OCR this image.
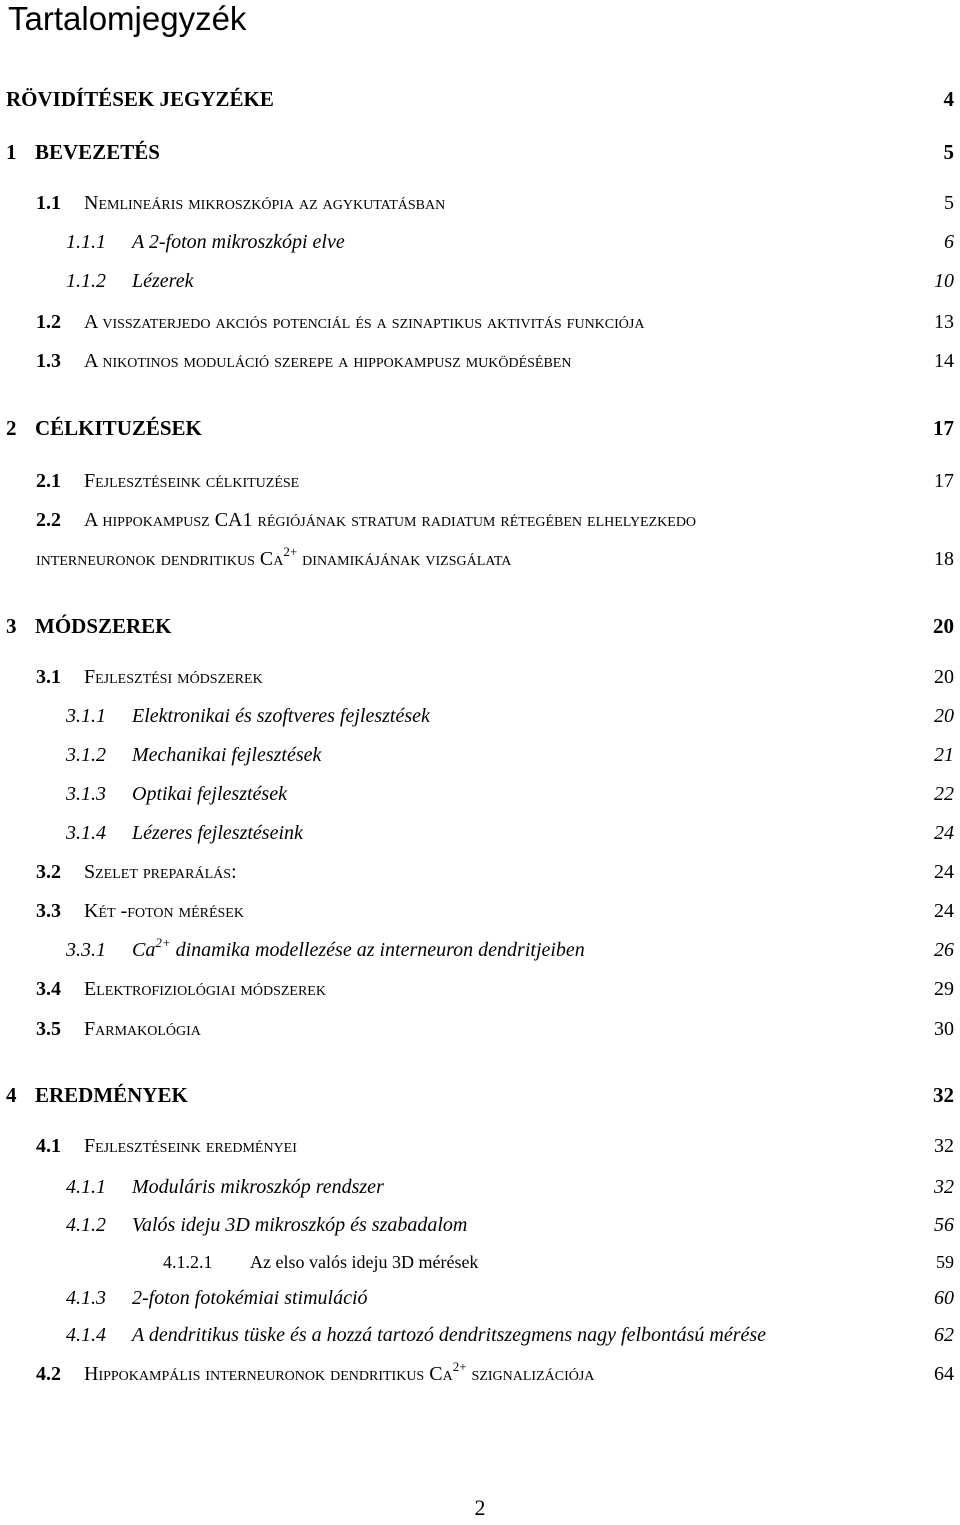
Tartalomjegyzék
RÖVIDÍTÉSEK JEGYZÉKE	4
1 BEVEZETÉS	5
1.1 Nemlineáris mikroszkópia az agykutatásban	5
1.1.1 A 2-foton mikroszkópi elve	6
1.1.2 Lézerek	10
1.2 A visszaterjedo akciós potenciál és a szinaptikus aktivitás funkciója	13
1.3 A nikotinos moduláció szerepe a hippokampusz muködésében	14
2 CÉLKITUZÉSEK	17
2.1 Fejlesztéseink célkituzése	17
2.2 A hippokampusz CA1 régiójának stratum radiatum rétegében elhelyezkedo
interneuronok dendritikus $Ca^{2+}$ dinamikájának vizsgálata	18
3 MÓDSZEREK	20
3.1 Fejlesztési módszerek	20
3.1.1 Elektronikai és szoftveres fejlesztések	20
3.1.2 Mechanikai fejlesztések	21
3.1.3 Optikai fejlesztések	22
3.1.4 Lézeres fejlesztéseink	24
3.2 Szelet preparálás:	24
3.3 Két -foton mérések	24
3.3.1 $Ca^{2+}$ dinamika modellezése az interneuron dendritjeiben	26
3.4 Elektrofiziológiai módszerek	29
3.5 Farmakológia	30
4 EREDMÉNYEK	32
4.1 Fejlesztéseink eredményei	32
4.1.1 Moduláris mikroszkóp rendszer	32
4.1.2 Valós ideju 3D mikroszkóp és szabadalom	56
4.1.2.1 Az elso valós ideju 3D mérések	59
4.1.3 2-foton fotokémiai stimuláció	60
4.1.4 A dendritikus tüske és a hozzá tartozó dendritszegmens nagy felbontású mérése	62
4.2 Hippokampális interneuronok dendritikus $Ca^{2+}$ szignalizációja	64
2
